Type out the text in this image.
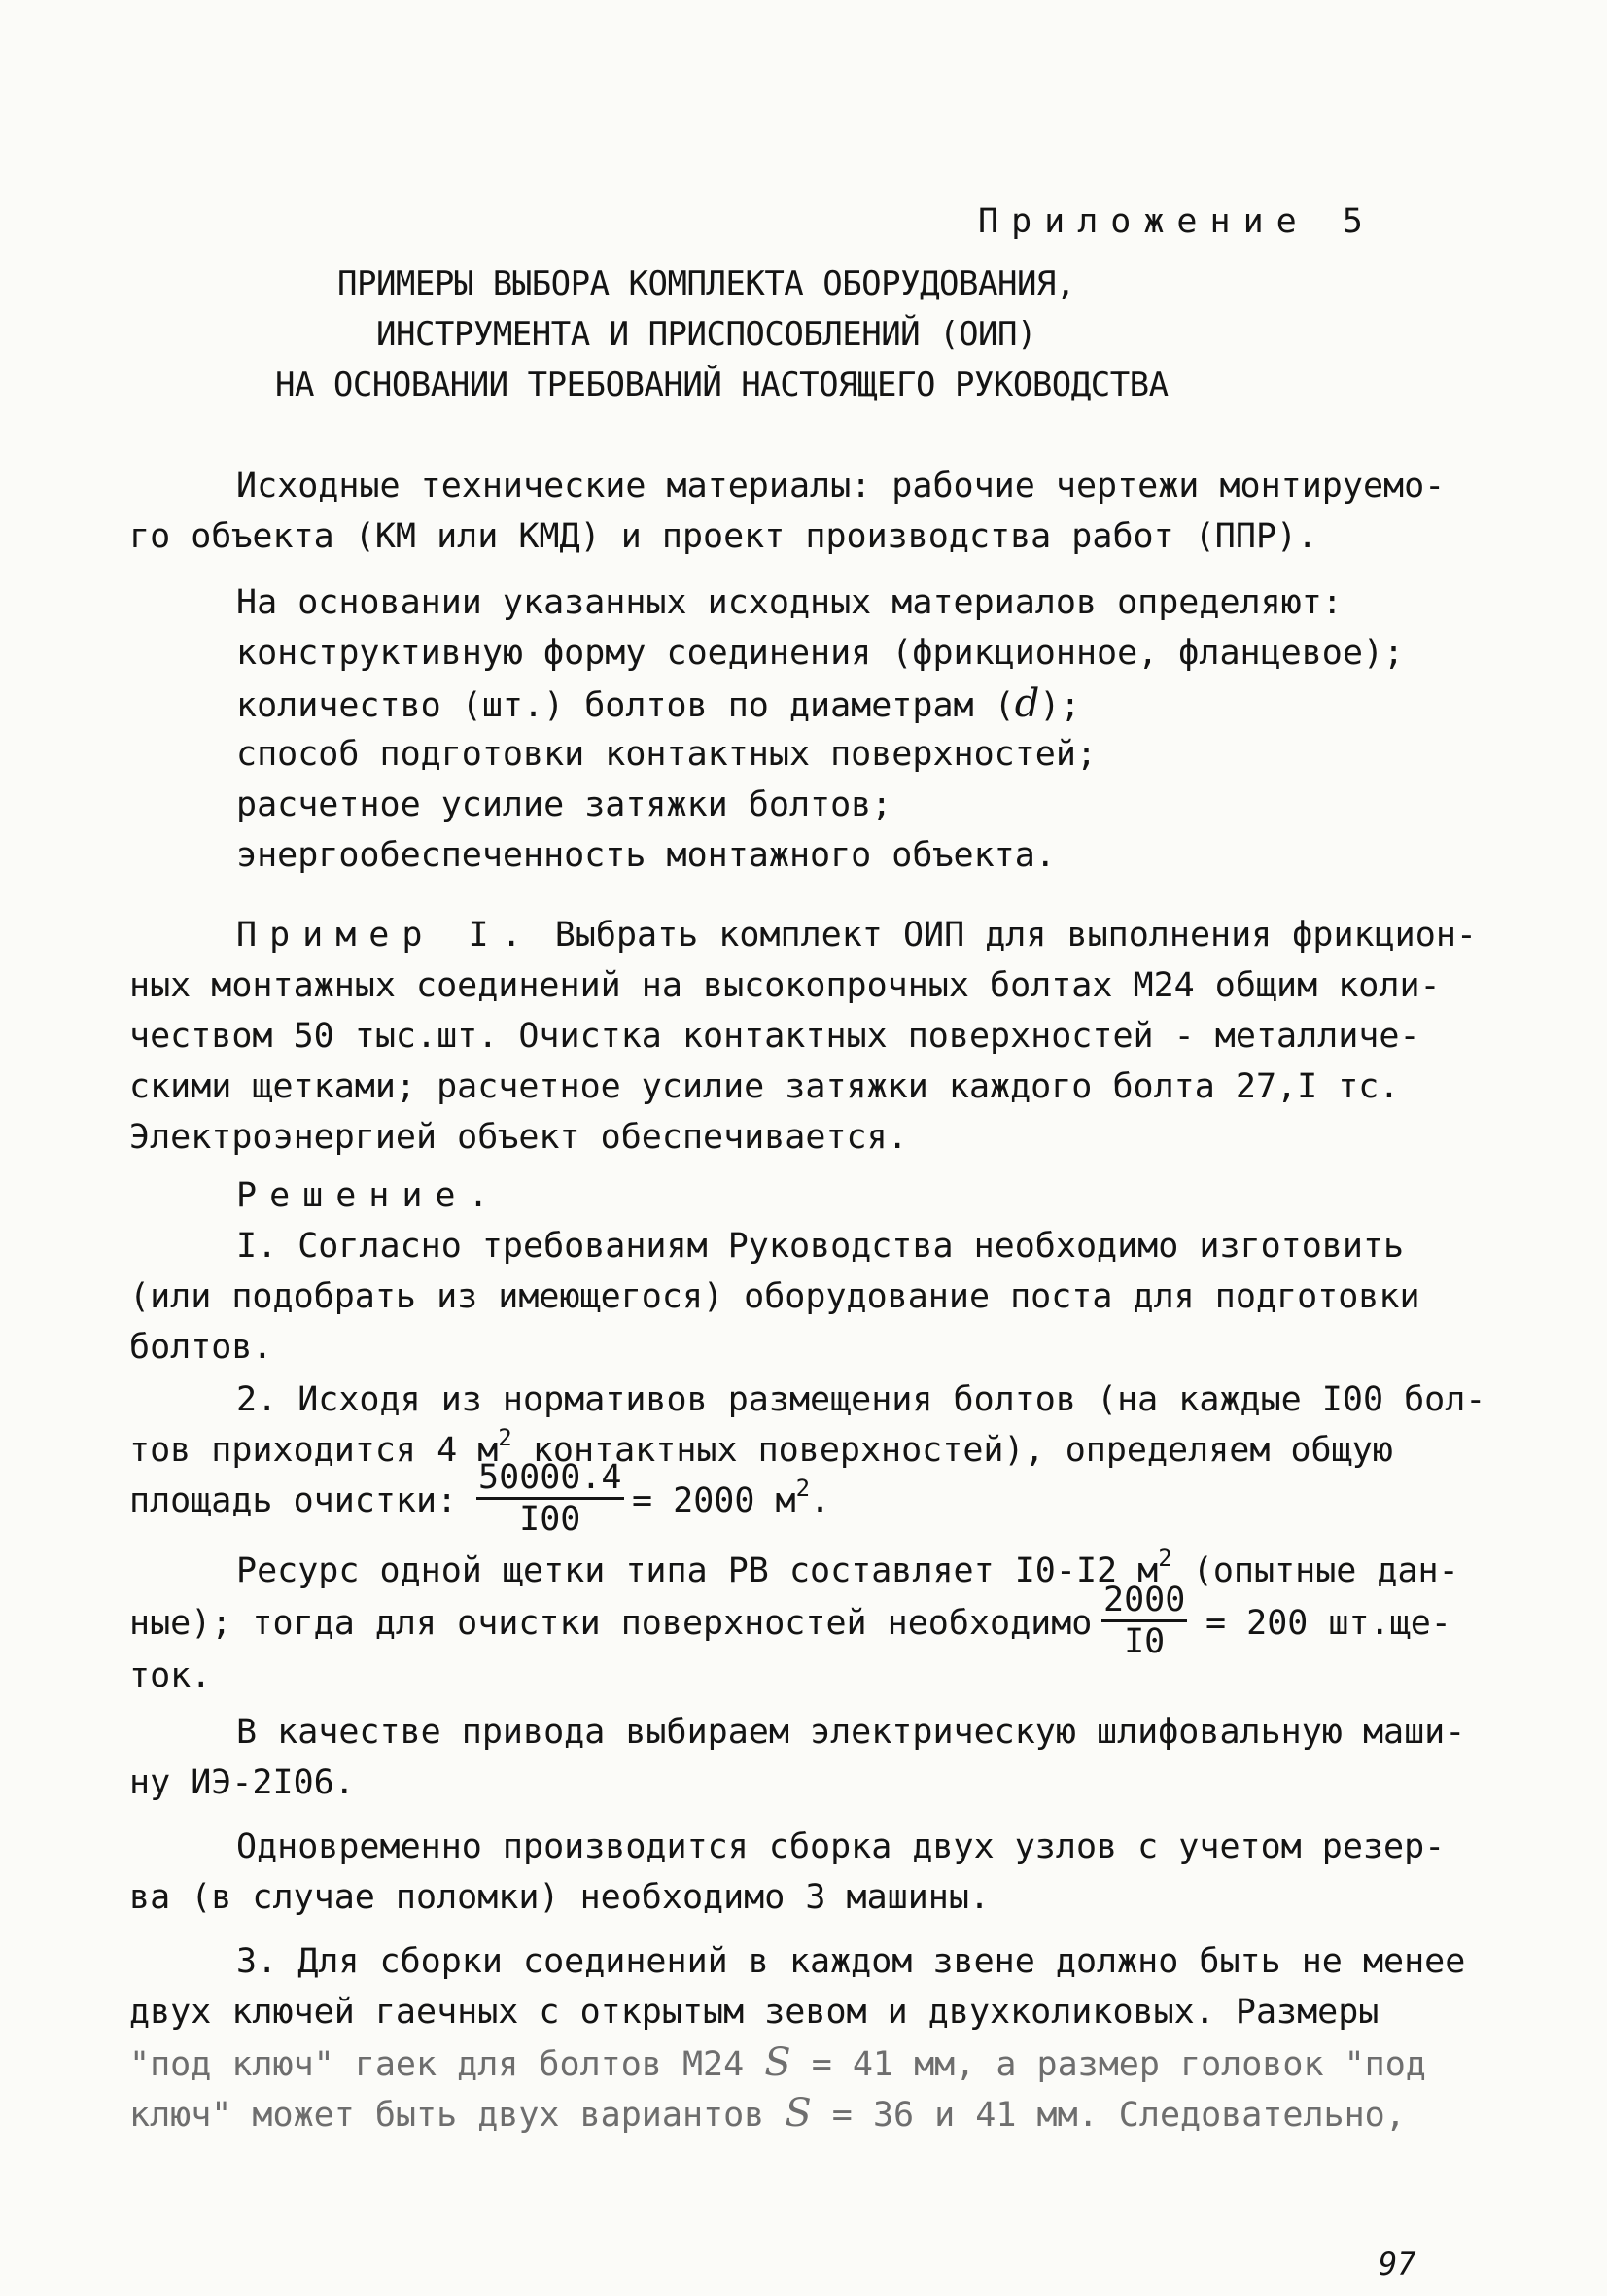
Приложение 5
ПРИМЕРЫ ВЫБОРА КОМПЛЕКТА ОБОРУДОВАНИЯ,
ИНСТРУМЕНТА И ПРИСПОСОБЛЕНИЙ (ОИП)
НА ОСНОВАНИИ ТРЕБОВАНИЙ НАСТОЯЩЕГО РУКОВОДСТВА
Исходные технические материалы: рабочие чертежи монтируемо-
го объекта (КМ или КМД) и проект производства работ (ППР).
На основании указанных исходных материалов определяют:
конструктивную форму соединения (фрикционное, фланцевое);
количество (шт.) болтов по диаметрам (d);
способ подготовки контактных поверхностей;
расчетное усилие затяжки болтов;
энергообеспеченность монтажного объекта.
Пример I. Выбрать комплект ОИП для выполнения фрикцион-
ных монтажных соединений на высокопрочных болтах М24 общим коли-
чеством 50 тыс.шт. Очистка контактных поверхностей - металличе-
скими щетками; расчетное усилие затяжки каждого болта 27,I тс.
Электроэнергией объект обеспечивается.
Решение.
I. Согласно требованиям Руководства необходимо изготовить
(или подобрать из имеющегося) оборудование поста для подготовки
болтов.
2. Исходя из нормативов размещения болтов (на каждые I00 бол-
тов приходится 4 $м^2$ контактных поверхностей), определяем общую
площадь очистки: $\frac{50000.4}{I00} = 2000$ $м^2$.
Ресурс одной щетки типа РВ составляет I0-I2 $м^2$ (опытные дан-
ные); тогда для очистки поверхностей необходимо $\frac{2000}{I0} = 200$ шт.ще-
ток.
В качестве привода выбираем электрическую шлифовальную маши-
ну ИЭ-2I06.
Одновременно производится сборка двух узлов с учетом резер-
ва (в случае поломки) необходимо 3 машины.
3. Для сборки соединений в каждом звене должно быть не менее
двух ключей гаечных с открытым зевом и двухколиковых. Размеры
"под ключ" гаек для болтов М24 S = 41 мм, а размер головок "под
ключ" может быть двух вариантов S = 36 и 41 мм. Следовательно,
97
